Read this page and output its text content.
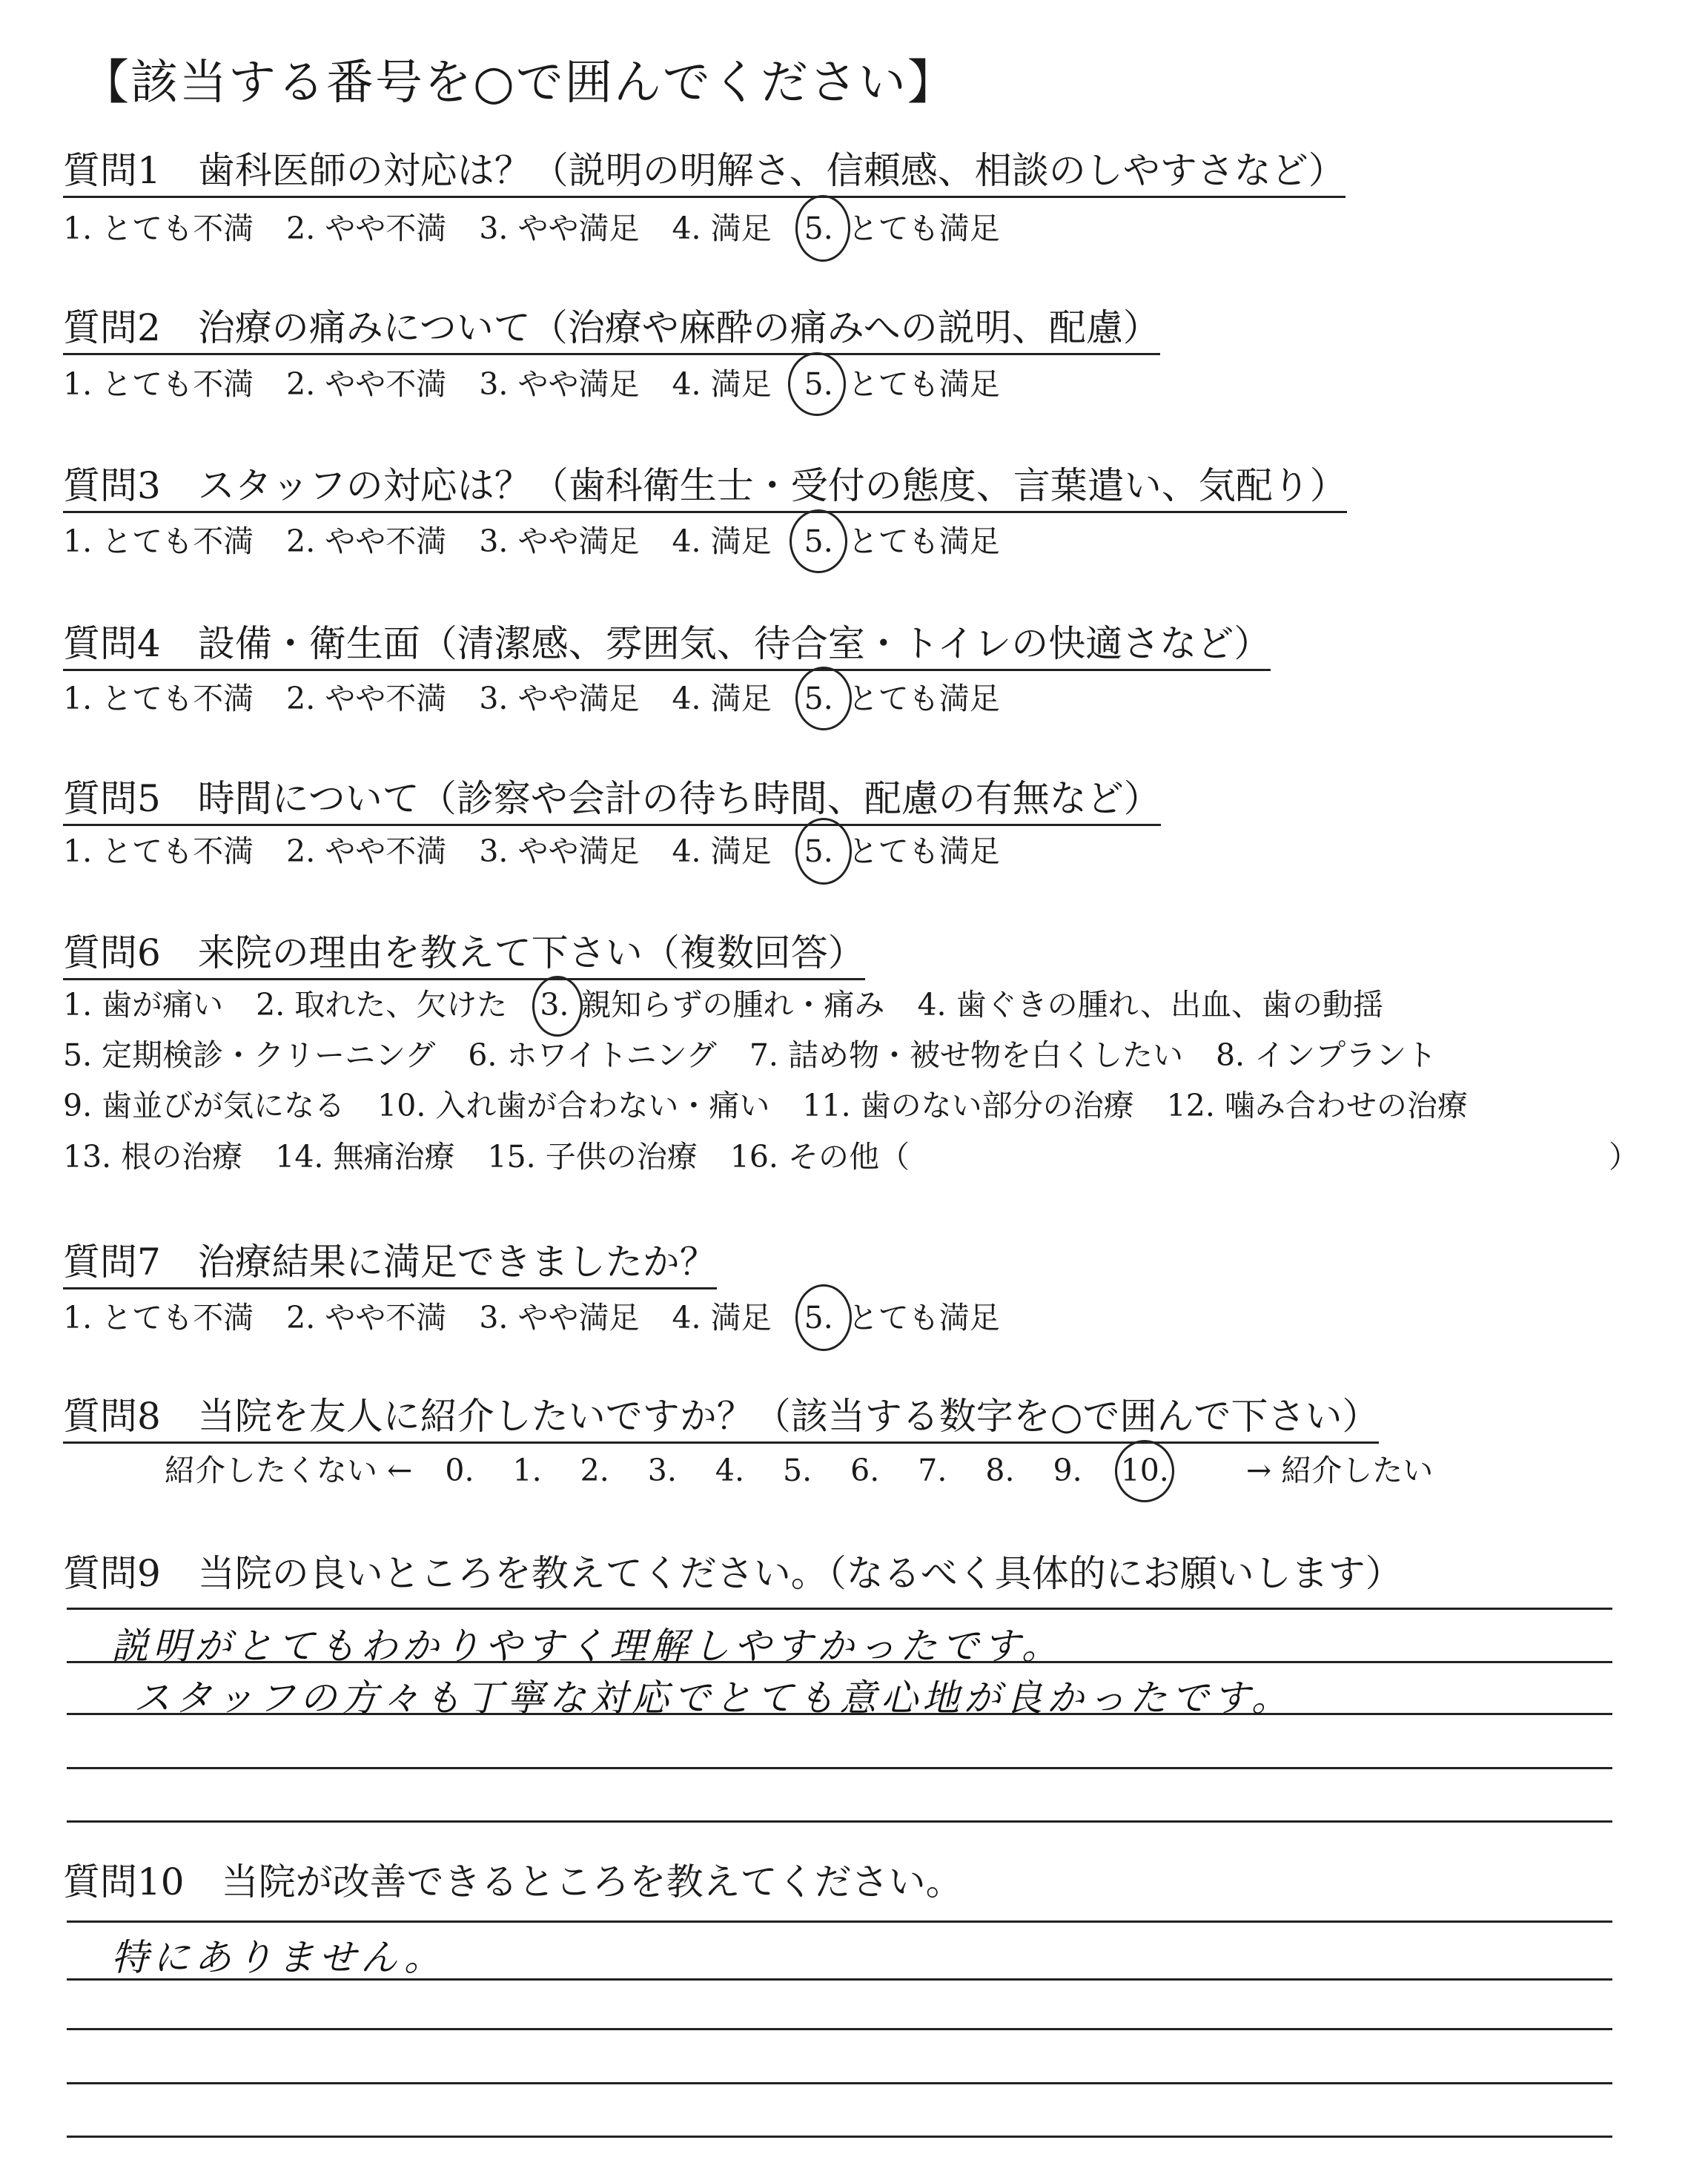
【該当する番号を○で囲んでください】
質問1　歯科医師の対応は？（説明の明解さ、信頼感、相談のしやすさなど）
1. とても不満 2. やや不満 3. やや満足 4. 満足 5. とても満足
質問2　治療の痛みについて（治療や麻酔の痛みへの説明、配慮）
1. とても不満 2. やや不満 3. やや満足 4. 満足 5. とても満足
質問3　スタッフの対応は？（歯科衛生士・受付の態度、言葉遣い、気配り）
1. とても不満 2. やや不満 3. やや満足 4. 満足 5. とても満足
質問4　設備・衛生面（清潔感、雰囲気、待合室・トイレの快適さなど）
1. とても不満 2. やや不満 3. やや満足 4. 満足 5. とても満足
質問5　時間について（診察や会計の待ち時間、配慮の有無など）
1. とても不満 2. やや不満 3. やや満足 4. 満足 5. とても満足
質問6　来院の理由を教えて下さい（複数回答）
1. 歯が痛い 2. 取れた、欠けた 3. 親知らずの腫れ・痛み 4. 歯ぐきの腫れ、出血、歯の動揺
5. 定期検診・クリーニング 6. ホワイトニング 7. 詰め物・被せ物を白くしたい 8. インプラント
9. 歯並びが気になる 10. 入れ歯が合わない・痛い 11. 歯のない部分の治療 12. 噛み合わせの治療
13. 根の治療 14. 無痛治療 15. 子供の治療 16. その他（	）
質問7　治療結果に満足できましたか？
1. とても不満 2. やや不満 3. やや満足 4. 満足 5. とても満足
質問8　当院を友人に紹介したいですか？（該当する数字を○で囲んで下さい）
紹介したくない ← 0. 1. 2. 3. 4. 5. 6. 7. 8. 9. 10.	→ 紹介したい
質問9　当院の良いところを教えてください。（なるべく具体的にお願いします）
説明がとてもわかりやすく理解しやすかったです。
スタッフの方々も丁寧な対応でとても意心地が良かったです。
質問10　当院が改善できるところを教えてください。
特にありません。
